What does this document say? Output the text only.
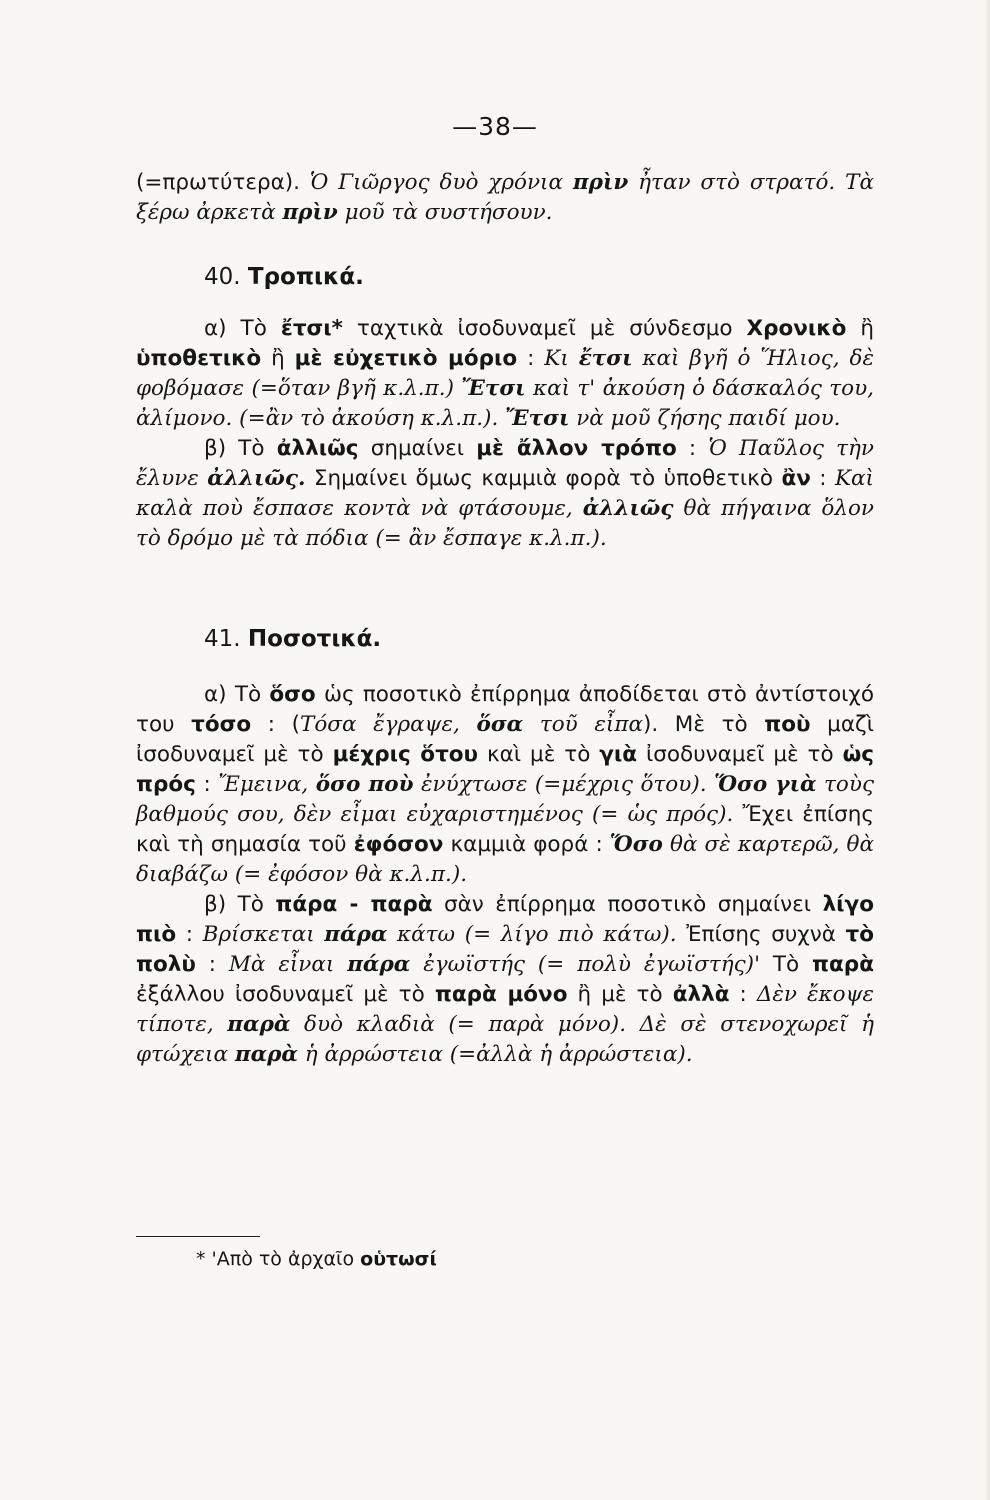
—38—

(=πρωτύτερα). Ὁ Γιῶργος δυὸ χρόνια πρὶν ἦταν στὸ στρατό. Τὰ ξέρω ἀρκετὰ πρὶν μοῦ τὰ συστήσουν.

40. Τροπικά.

α) Τὸ ἔτσι* ταχτικὰ ἰσοδυναμεῖ μὲ σύνδεσμο Χρονικὸ ἢ ὑποθετικὸ ἢ μὲ εὐχετικὸ μόριο : Κι ἔτσι καὶ βγῆ ὁ Ἥλιος, δὲ φοβόμασε (=ὅταν βγῆ κ.λ.π.) Ἔτσι καὶ τ' ἀκούση ὁ δάσκαλός του, ἀλίμονο. (=ἂν τὸ ἀκούση κ.λ.π.). Ἔτσι νὰ μοῦ ζήσης παιδί μου.

β) Τὸ ἀλλιῶς σημαίνει μὲ ἄλλον τρόπο : Ὁ Παῦλος τὴν ἔλυνε ἀλλιῶς. Σημαίνει ὅμως καμμιὰ φορὰ τὸ ὑποθετικὸ ἂν : Καὶ καλὰ ποὺ ἔσπασε κοντὰ νὰ φτάσουμε, ἀλλιῶς θὰ πήγαινα ὅλον τὸ δρόμο μὲ τὰ πόδια (= ἂν ἔσπαγε κ.λ.π.).

41. Ποσοτικά.

α) Τὸ ὅσο ὡς ποσοτικὸ ἐπίρρημα ἀποδίδεται στὸ ἀντίστοιχό του τόσο : (Τόσα ἔγραψε, ὅσα τοῦ εἶπα). Μὲ τὸ ποὺ μαζὶ ἰσοδυναμεῖ μὲ τὸ μέχρις ὅτου καὶ μὲ τὸ γιὰ ἰσοδυναμεῖ μὲ τὸ ὡς πρός : Ἔμεινα, ὅσο ποὺ ἐνύχτωσε (=μέχρις ὅτου). Ὅσο γιὰ τοὺς βαθμούς σου, δὲν εἶμαι εὐχαριστημένος (= ὡς πρός). Ἔχει ἐπίσης καὶ τὴ σημασία τοῦ ἐφόσον καμμιὰ φορά : Ὅσο θὰ σὲ καρτερῶ, θὰ διαβάζω (= ἐφόσον θὰ κ.λ.π.).

β) Τὸ πάρα - παρὰ σὰν ἐπίρρημα ποσοτικὸ σημαίνει λίγο πιὸ : Βρίσκεται πάρα κάτω (= λίγο πιὸ κάτω). Ἐπίσης συχνὰ τὸ πολὺ : Μὰ εἶναι πάρα ἐγωϊστής (= πολὺ ἐγωϊστής)' Τὸ παρὰ ἐξάλλου ἰσοδυναμεῖ μὲ τὸ παρὰ μόνο ἢ μὲ τὸ ἀλλὰ : Δὲν ἔκοψε τίποτε, παρὰ δυὸ κλαδιὰ (= παρὰ μόνο). Δὲ σὲ στενοχωρεῖ ἡ φτώχεια παρὰ ἡ ἀρρώστεια (=ἀλλὰ ἡ ἀρρώστεια).

* 'Απὸ τὸ ἀρχαῖο οὑτωσί
